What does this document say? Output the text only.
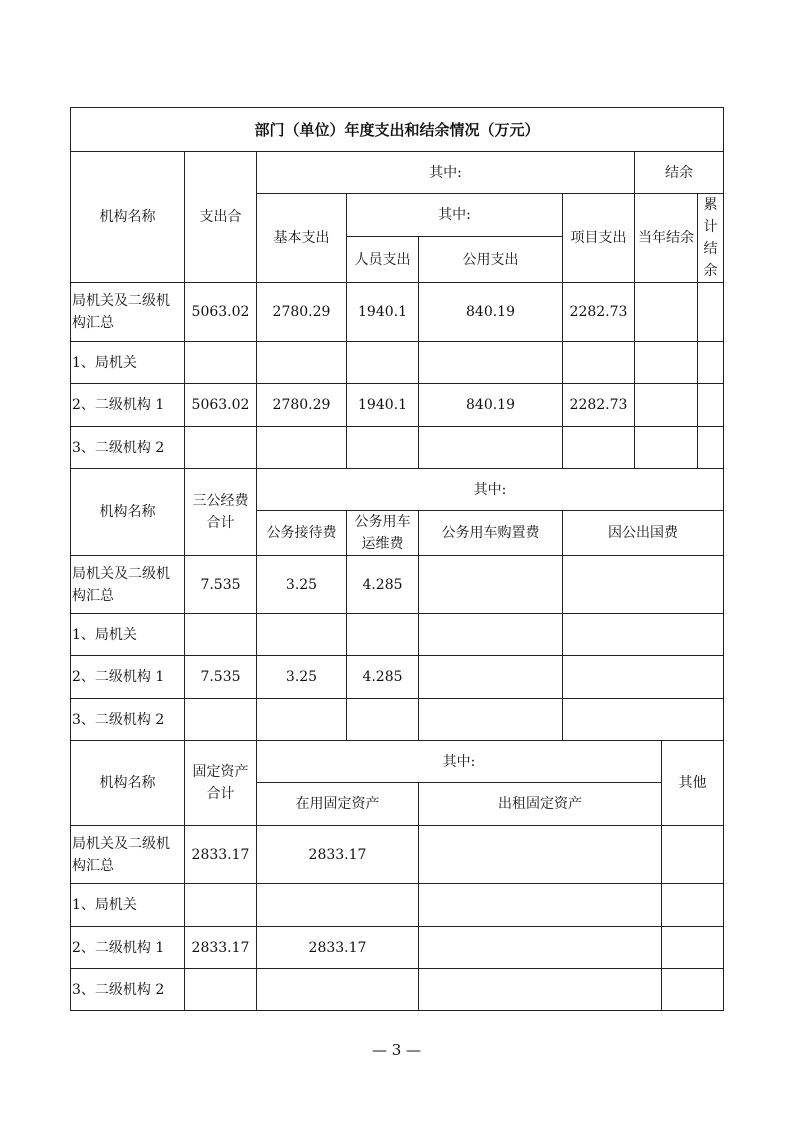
部门（单位）年度支出和结余情况（万元）								
机构名称	支出合	其中:				结余		
		基本支出	其中:		项目支出	当年结余		累计结余
			人员支出	公用支出				
局机关及二级机构汇总	5063.02	2780.29	1940.1	840.19	2282.73			
1、局机关								
2、二级机构 1	5063.02	2780.29	1940.1	840.19	2282.73			
3、二级机构 2								
机构名称	三公经费合计	其中:						
		公务接待费	公务用车运维费	公务用车购置费	因公出国费			
局机关及二级机构汇总	7.535	3.25	4.285					
1、局机关								
2、二级机构 1	7.535	3.25	4.285					
3、二级机构 2								
机构名称	固定资产合计	其中:					其他	
		在用固定资产		出租固定资产				
局机关及二级机构汇总	2833.17	2833.17						
1、局机关								
2、二级机构 1	2833.17	2833.17						
3、二级机构 2								
— 3 —
